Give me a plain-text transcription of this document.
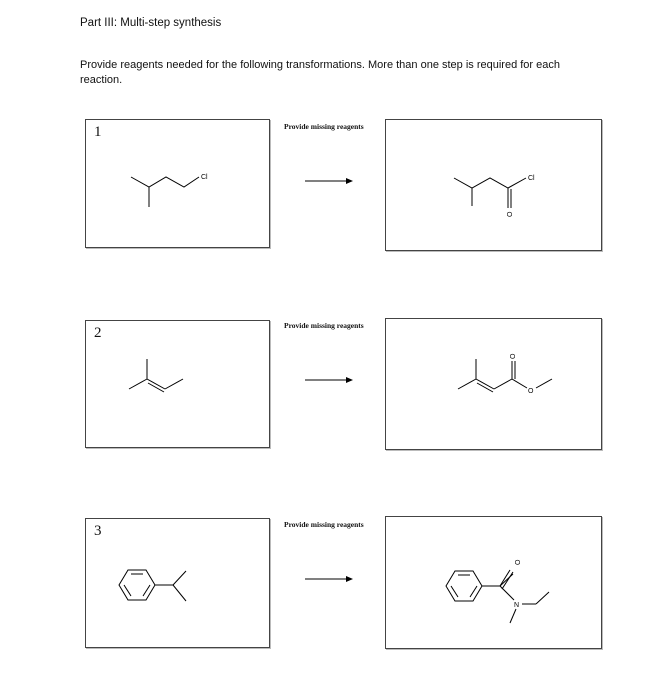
Part III: Multi-step synthesis
Provide reagents needed for the following transformations. More than one step is required for each reaction.
1
Cl
Provide missing reagents
Cl
O
2	Provide missing reagents
O
O
3	Provide missing reagents
O
N
